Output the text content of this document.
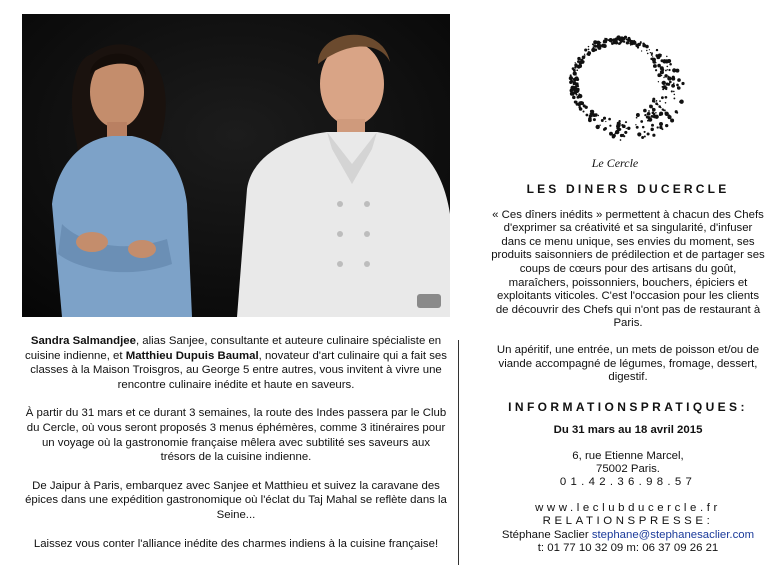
Sandra Salmandjee, alias Sanjee, consultante et auteure culinaire spécialiste en cuisine indienne, et Matthieu Dupuis Baumal, novateur d'art culinaire qui a fait ses classes à la Maison Troisgros, au George 5 entre autres, vous invitent à vivre une rencontre culinaire inédite et haute en saveurs.

À partir du 31 mars et ce durant 3 semaines, la route des Indes passera par le Club du Cercle, où vous seront proposés 3 menus éphémères, comme 3 itinéraires pour un voyage où la gastronomie française mêlera avec subtilité ses saveurs aux trésors de la cuisine indienne.

De Jaipur à Paris, embarquez avec Sanjee et Matthieu et suivez la caravane des épices dans une expédition gastronomique où l'éclat du Taj Mahal se reflète dans la Seine...

Laissez vous conter l'alliance inédite des charmes indiens à la cuisine française!

Le Cercle
LES DINERS DUCERCLE

« Ces dîners inédits » permettent à chacun des Chefs d'exprimer sa créativité et sa singularité, d'infuser dans ce menu unique, ses envies du moment, ses produits saisonniers de prédilection et de partager ses coups de cœurs pour des artisans du goût, maraîchers, poissonniers, bouchers, épiciers et exploitants viticoles. C'est l'occasion pour les clients de découvrir des Chefs qui n'ont pas de restaurant à Paris.

Un apéritif, une entrée, un mets de poisson et/ou de viande accompagné de légumes, fromage, dessert, digestif.

INFORMATIONSPRATIQUES:
Du 31 mars au 18 avril 2015
6, rue Etienne Marcel,
75002 Paris.
01.42.36.98.57
www.leclubducercle.fr
RELATIONSPRESSE:
Stéphane Saclier stephane@stephanesaclier.com
t: 01 77 10 32 09 m: 06 37 09 26 21
